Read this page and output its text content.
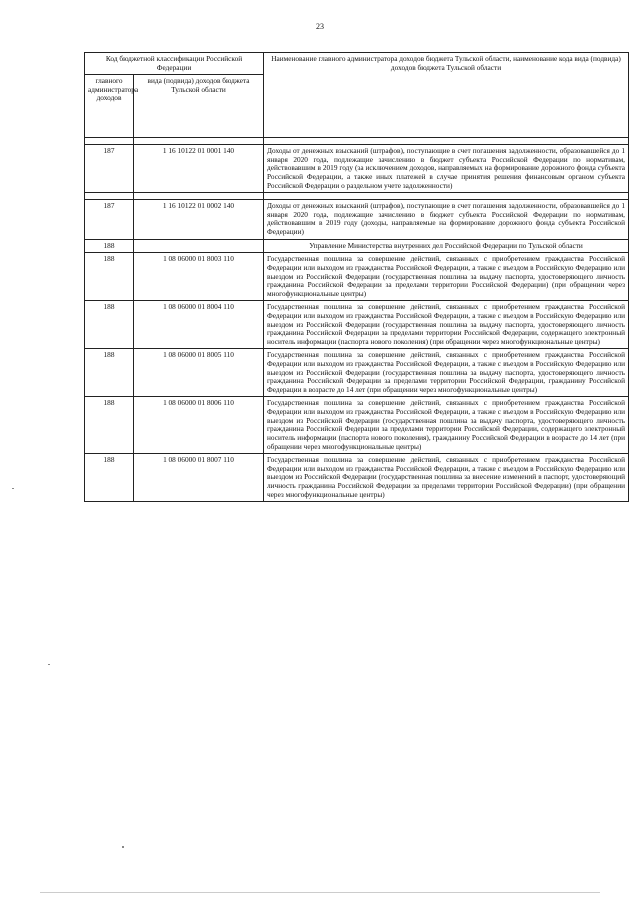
23
Код бюджетной классификации Российской Федерации		Наименование главного администратора доходов бюджета Тульской области, наименование кода вида (подвида) доходов бюджета Тульской области
главного администратора доходов	вида (подвида) доходов бюджета Тульской области	

187	1 16 10122 01 0001 140	Доходы от денежных взысканий (штрафов), поступающие в счет погашения задолженности, образовавшейся до 1 января 2020 года, подлежащие зачислению в бюджет субъекта Российской Федерации по нормативам, действовавшим в 2019 году (за исключением доходов, направляемых на формирование дорожного фонда субъекта Российской Федерации, а также иных платежей в случае принятия решения финансовым органом субъекта Российской Федерации о раздельном учете задолженности)

187	1 16 10122 01 0002 140	Доходы от денежных взысканий (штрафов), поступающие в счет погашения задолженности, образовавшейся до 1 января 2020 года, подлежащие зачислению в бюджет субъекта Российской Федерации по нормативам, действовавшим в 2019 году (доходы, направляемые на формирование дорожного фонда субъекта Российской Федерации)
188		Управление Министерства внутренних дел Российской Федерации по Тульской области
188	1 08 06000 01 8003 110	Государственная пошлина за совершение действий, связанных с приобретением гражданства Российской Федерации или выходом из гражданства Российской Федерации, а также с въездом в Российскую Федерацию или выездом из Российской Федерации (государственная пошлина за выдачу паспорта, удостоверяющего личность гражданина Российской Федерации за пределами территории Российской Федерации) (при обращении через многофункциональные центры)
188	1 08 06000 01 8004 110	Государственная пошлина за совершение действий, связанных с приобретением гражданства Российской Федерации или выходом из гражданства Российской Федерации, а также с въездом в Российскую Федерацию или выездом из Российской Федерации (государственная пошлина за выдачу паспорта, удостоверяющего личность гражданина Российской Федерации за пределами территории Российской Федерации, содержащего электронный носитель информации (паспорта нового поколения) (при обращении через многофункциональные центры)
188	1 08 06000 01 8005 110	Государственная пошлина за совершение действий, связанных с приобретением гражданства Российской Федерации или выходом из гражданства Российской Федерации, а также с въездом в Российскую Федерацию или выездом из Российской Федерации (государственная пошлина за выдачу паспорта, удостоверяющего личность гражданина Российской Федерации за пределами территории Российской Федерации, гражданину Российской Федерации в возрасте до 14 лет (при обращении через многофункциональные центры)
188	1 08 06000 01 8006 110	Государственная пошлина за совершение действий, связанных с приобретением гражданства Российской Федерации или выходом из гражданства Российской Федерации, а также с въездом в Российскую Федерацию или выездом из Российской Федерации (государственная пошлина за выдачу паспорта, удостоверяющего личность гражданина Российской Федерации за пределами территории Российской Федерации, содержащего электронный носитель информации (паспорта нового поколения), гражданину Российской Федерации в возрасте до 14 лет (при обращении через многофункциональные центры)
188	1 08 06000 01 8007 110	Государственная пошлина за совершение действий, связанных с приобретением гражданства Российской Федерации или выходом из гражданства Российской Федерации, а также с въездом в Российскую Федерацию или выездом из Российской Федерации (государственная пошлина за внесение изменений в паспорт, удостоверяющий личность гражданина Российской Федерации за пределами территории Российской Федерации) (при обращении через многофункциональные центры)
